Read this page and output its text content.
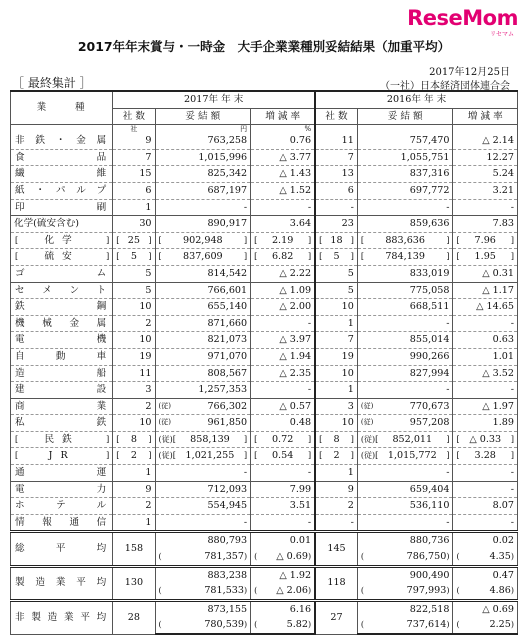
ReseMom
リセマム
2017年年末賞与・一時金　大手企業業種別妥結結果（加重平均）
2017年12月25日
［ 最終集計 ］	（一社）日本経済団体連合会
業　　　種	2017年 年 末			2016年 年 末		
	社 数	妥 結 額	増 減 率	社 数	妥 結 額	増 減 率
	社	円	%			
非鉄・金属	9	763,258	0.76	11	757,470	△ 2.14
食品	7	1,015,996	△ 3.77	7	1,055,751	12.27
繊維	15	825,342	△ 1.43	13	837,316	5.24
紙・パルプ	6	687,197	△ 1.52	6	697,772	3.21
印刷	1	-	-	-	-	-
化学(硫安含む)	30	890,917	3.64	23	859,636	7.83

[ 化学 ]	[ 25 ]	[ 902,948 ]	[ 2.19 ]	[ 18 ]	[ 883,636 ]	[ 7.96 ]

[ 硫安 ]	[ 5 ]	[ 837,609 ]	[ 6.82 ]	[ 5 ]	[ 784,139 ]	[ 1.95 ]

ゴム	5	814,542	△ 2.22	5	833,019	△ 0.31
セメント	5	766,601	△ 1.09	5	775,058	△ 1.17
鉄鋼	10	655,140	△ 2.00	10	668,511	△ 14.65
機械金属	2	871,660	-	1	-	-
電機	10	821,073	△ 3.97	7	855,014	0.63
自動車	19	971,070	△ 1.94	19	990,266	1.01
造船	11	808,567	△ 2.35	10	827,994	△ 3.52
建設	3	1,257,353	-	1	-	-
商業	2	(従) 766,302	△ 0.57	3	(従) 770,673	△ 1.97
私鉄	10	(従) 961,850	0.48	10	(従) 957,208	1.89

[ 民鉄 ]	[ 8 ]	(従)[ 858,139 ]	[ 0.72 ]	[ 8 ]	(従)[ 852,011 ]	[ △ 0.33 ]

[ JR ]	[ 2 ]	(従)[ 1,021,255 ]	[ 0.54 ]	[ 2 ]	(従)[ 1,015,772 ]	[ 3.28 ]

通運	1	-	-	1	-	-
電力	9	712,093	7.99	9	659,404	-
ホテル	2	554,945	3.51	2	536,110	8.07
情報通信	1	-	-	-	-	-
総平均	158	880,793	0.01	145	880,736	0.02

		( 781,357)	( △ 0.69)		( 786,750)	( 4.35)

製造業平均	130	883,238	△ 1.92	118	900,490	0.47

		( 781,533)	( △ 2.06)		( 797,993)	( 4.86)

非製造業平均	28	873,155	6.16	27	822,518	△ 0.69

		( 780,539)	( 5.82)		( 737,614)	( 2.25)
